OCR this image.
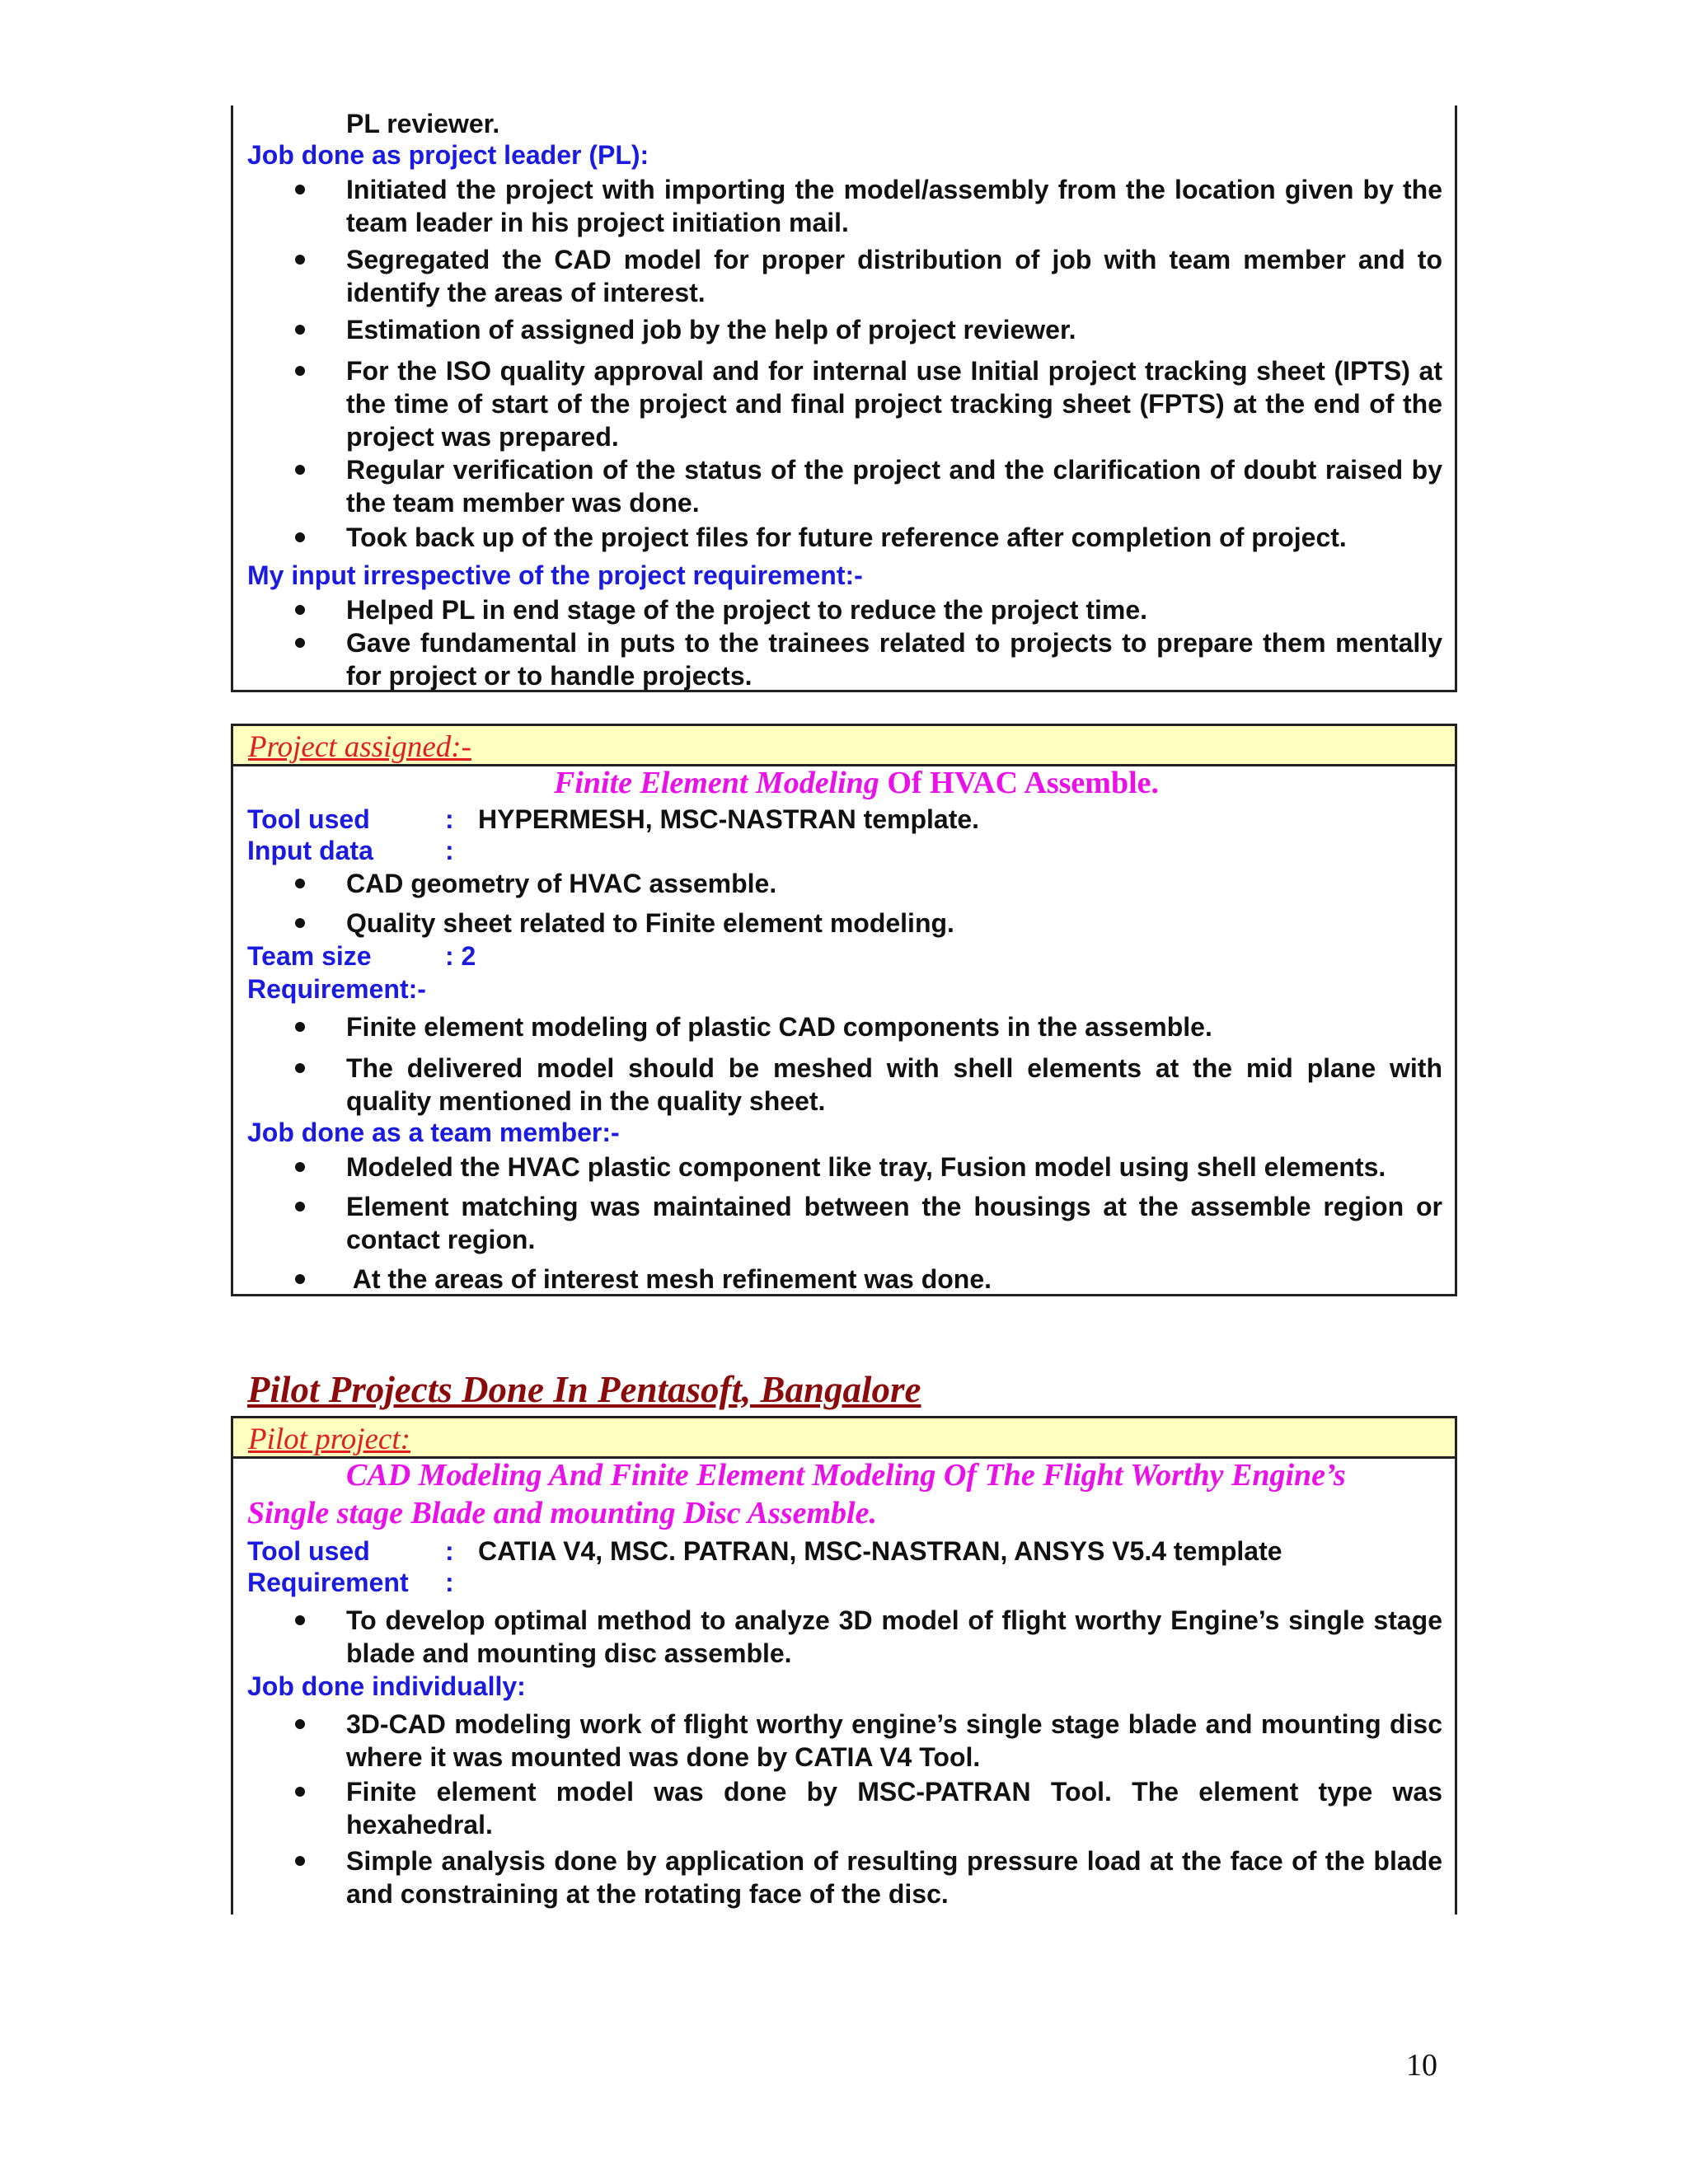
PL reviewer.
Job done as project leader (PL):
Initiated the project with importing the model/assembly from the location given by the team leader in his project initiation mail.
Segregated the CAD model for proper distribution of job with team member and to identify the areas of interest.
Estimation of assigned job by the help of project reviewer.
For the ISO quality approval and for internal use Initial project tracking sheet (IPTS) at the time of start of the project and final project tracking sheet (FPTS) at the end of the project was prepared.
Regular verification of the status of the project and the clarification of doubt raised by the team member was done.
Took back up of the project files for future reference after completion of project.
My input irrespective of the project requirement:-
Helped PL in end stage of the project to reduce the project time.
Gave fundamental in puts to the trainees related to projects to prepare them mentally for project or to handle projects.
Project assigned:-
Finite Element Modeling Of HVAC Assemble.
Tool used	: HYPERMESH, MSC-NASTRAN template.
Input data	:
CAD geometry of HVAC assemble.
Quality sheet related to Finite element modeling.
Team size	: 2
Requirement:-
Finite element modeling of plastic CAD components in the assemble.
The delivered model should be meshed with shell elements at the mid plane with quality mentioned in the quality sheet.
Job done as a team member:-
Modeled the HVAC plastic component like tray, Fusion model using shell elements.
Element matching was maintained between the housings at the assemble region or contact region.
At the areas of interest mesh refinement was done.
Pilot Projects Done In Pentasoft, Bangalore
Pilot project:
CAD Modeling And Finite Element Modeling Of The Flight Worthy Engine’s
Single stage Blade and mounting Disc Assemble.
Tool used	: CATIA V4, MSC. PATRAN, MSC-NASTRAN, ANSYS V5.4 template
Requirement :
To develop optimal method to analyze 3D model of flight worthy Engine’s single stage blade and mounting disc assemble.
Job done individually:
3D-CAD modeling work of flight worthy engine’s single stage blade and mounting disc where it was mounted was done by CATIA V4 Tool.
Finite element model was done by MSC-PATRAN Tool. The element type was hexahedral.
Simple analysis done by application of resulting pressure load at the face of the blade and constraining at the rotating face of the disc.
10
